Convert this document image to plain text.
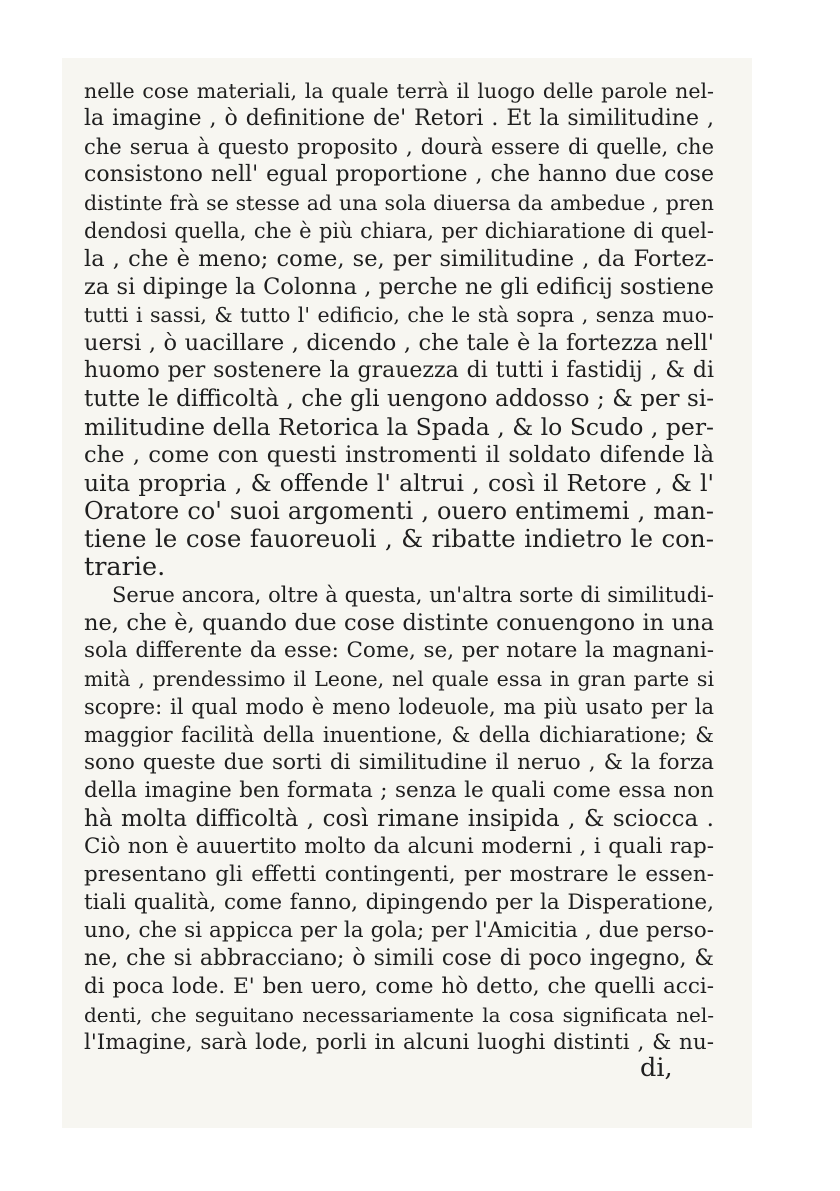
nelle cose materiali, la quale terrà il luogo delle parole nel-
la imagine , ò definitione de' Retori . Et la similitudine ,
che serua à questo proposito , dourà essere di quelle, che
consistono nell' egual proportione , che hanno due cose
distinte frà se stesse ad una sola diuersa da ambedue , pren
dendosi quella, che è più chiara, per dichiaratione di quel-
la , che è meno; come, se, per similitudine , da Fortez-
za si dipinge la Colonna , perche ne gli edificij sostiene
tutti i sassi, & tutto l' edificio, che le stà sopra , senza muo-
uersi , ò uacillare , dicendo , che tale è la fortezza nell'
huomo per sostenere la grauezza di tutti i fastidij , & di
tutte le difficoltà , che gli uengono addosso ; & per si-
militudine della Retorica la Spada , & lo Scudo , per-
che , come con questi instromenti il soldato difende là
uita propria , & offende l' altrui , così il Retore , & l'
Oratore co' suoi argomenti , ouero entimemi , man-
tiene le cose fauoreuoli , & ribatte indietro le con-
trarie.
Serue ancora, oltre à questa, un'altra sorte di similitudi-
ne, che è, quando due cose distinte conuengono in una
sola differente da esse: Come, se, per notare la magnani-
mità , prendessimo il Leone, nel quale essa in gran parte si
scopre: il qual modo è meno lodeuole, ma più usato per la
maggior facilità della inuentione, & della dichiaratione; &
sono queste due sorti di similitudine il neruo , & la forza
della imagine ben formata ; senza le quali come essa non
hà molta difficoltà , così rimane insipida , & sciocca .
Ciò non è auuertito molto da alcuni moderni , i quali rap-
presentano gli effetti contingenti, per mostrare le essen-
tiali qualità, come fanno, dipingendo per la Disperatione,
uno, che si appicca per la gola; per l'Amicitia , due perso-
ne, che si abbracciano; ò simili cose di poco ingegno, &
di poca lode. E' ben uero, come hò detto, che quelli acci-
denti, che seguitano necessariamente la cosa significata nel-
l'Imagine, sarà lode, porli in alcuni luoghi distinti , & nu-
di,
